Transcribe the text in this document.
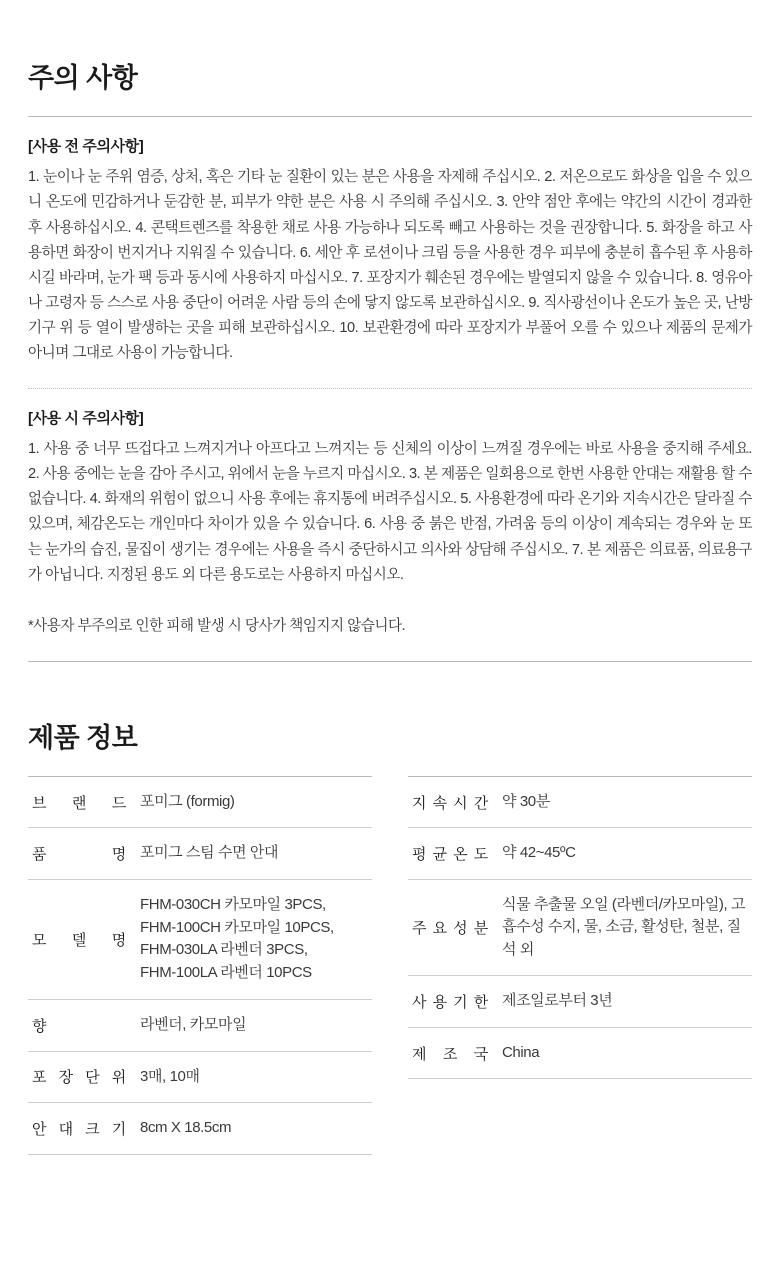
주의 사항

[사용 전 주의사항]

1. 눈이나 눈 주위 염증, 상처, 혹은 기타 눈 질환이 있는 분은 사용을 자제해 주십시오. 2. 저온으로도 화상을 입을 수 있으니 온도에 민감하거나 둔감한 분, 피부가 약한 분은 사용 시 주의해 주십시오. 3. 안약 점안 후에는 약간의 시간이 경과한 후 사용하십시오. 4. 콘택트렌즈를 착용한 채로 사용 가능하나 되도록 빼고 사용하는 것을 권장합니다. 5. 화장을 하고 사용하면 화장이 번지거나 지워질 수 있습니다. 6. 세안 후 로션이나 크림 등을 사용한 경우 피부에 충분히 흡수된 후 사용하시길 바라며, 눈가 팩 등과 동시에 사용하지 마십시오. 7. 포장지가 훼손된 경우에는 발열되지 않을 수 있습니다. 8. 영유아나 고령자 등 스스로 사용 중단이 어려운 사람 등의 손에 닿지 않도록 보관하십시오. 9. 직사광선이나 온도가 높은 곳, 난방기구 위 등 열이 발생하는 곳을 피해 보관하십시오. 10. 보관환경에 따라 포장지가 부풀어 오를 수 있으나 제품의 문제가 아니며 그대로 사용이 가능합니다.

[사용 시 주의사항]

1. 사용 중 너무 뜨겁다고 느껴지거나 아프다고 느껴지는 등 신체의 이상이 느껴질 경우에는 바로 사용을 중지해 주세요. 2. 사용 중에는 눈을 감아 주시고, 위에서 눈을 누르지 마십시오. 3. 본 제품은 일회용으로 한번 사용한 안대는 재활용 할 수 없습니다. 4. 화재의 위험이 없으니 사용 후에는 휴지통에 버려주십시오. 5. 사용환경에 따라 온기와 지속시간은 달라질 수 있으며, 체감온도는 개인마다 차이가 있을 수 있습니다. 6. 사용 중 붉은 반점, 가려움 등의 이상이 계속되는 경우와 눈 또는 눈가의 습진, 물집이 생기는 경우에는 사용을 즉시 중단하시고 의사와 상담해 주십시오. 7. 본 제품은 의료품, 의료용구가 아닙니다. 지정된 용도 외 다른 용도로는 사용하지 마십시오.

*사용자 부주의로 인한 피해 발생 시 당사가 책임지지 않습니다.

제품 정보
브 랜 드	포미그 (formig)
품 명	포미그 스팀 수면 안대
모 델 명	FHM-030CH 카모마일 3PCS,
FHM-100CH 카모마일 10PCS,
FHM-030LA 라벤더 3PCS,
FHM-100LA 라벤더 10PCS

향	라벤더, 카모마일
포 장 단 위	3매, 10매
안 대 크 기	8cm X 18.5cm
지 속 시 간	약 30분
평 균 온 도	약 42~45ºC
주 요 성 분	식물 추출물 오일 (라벤더/카모마일), 고 흡수성 수지, 물, 소금, 활성탄, 철분, 질석 외
사 용 기 한	제조일로부터 3년
제 조 국	China
